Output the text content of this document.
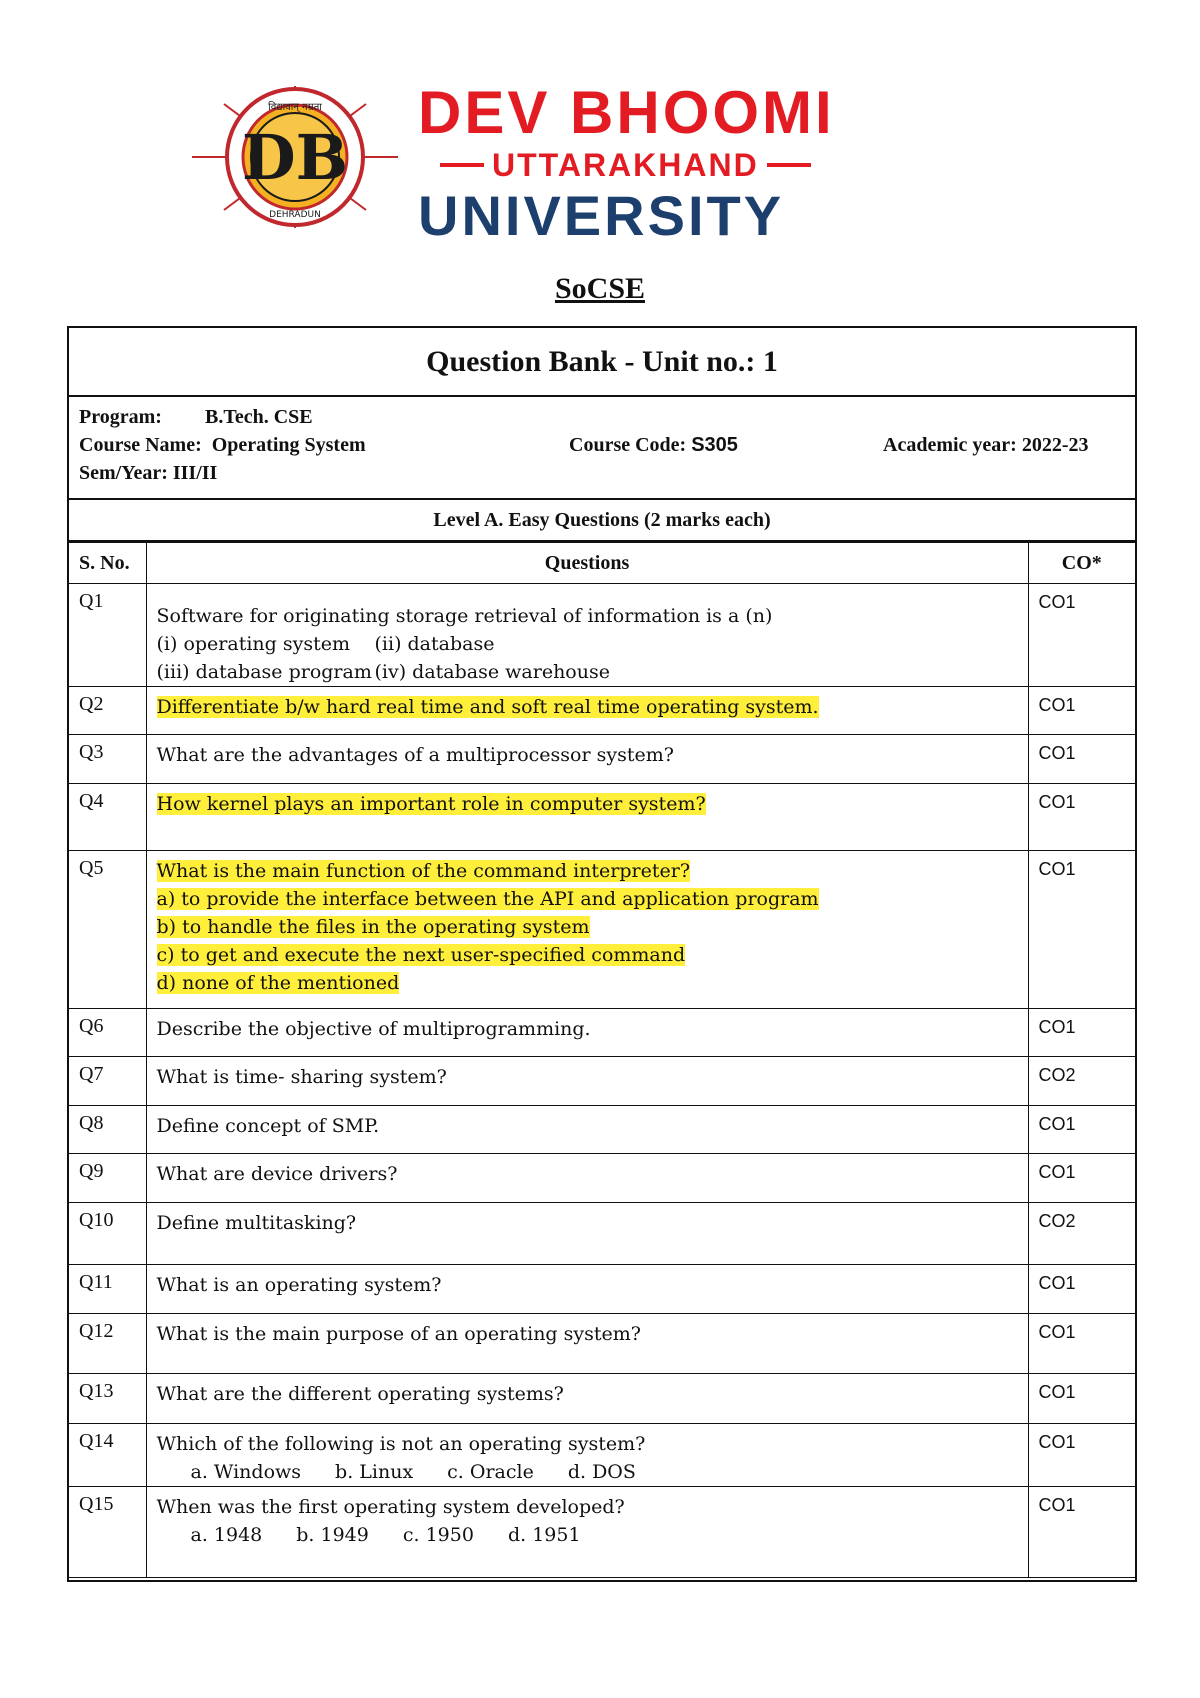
DB
विद्यावान् नम्रता
DEHRADUN
DEV BHOOMI
UTTARAKHAND
UNIVERSITY
SoCSE
Question Bank - Unit no.: 1
Program: B.Tech. CSE
Course Name: Operating System	Course Code: S305	Academic year: 2022-23
Sem/Year: III/II
Level A. Easy Questions (2 marks each)
S. No.	Questions	CO*
Q1	Software for originating storage retrieval of information is a (n)
(i) operating system (ii) database
(iii) database program (iv) database warehouse	CO1
Q2	Differentiate b/w hard real time and soft real time operating system.	CO1
Q3	What are the advantages of a multiprocessor system?	CO1
Q4	How kernel plays an important role in computer system?	CO1
Q5	What is the main function of the command interpreter?
a) to provide the interface between the API and application program
b) to handle the files in the operating system
c) to get and execute the next user-specified command
d) none of the mentioned	CO1
Q6	Describe the objective of multiprogramming.	CO1
Q7	What is time- sharing system?	CO2
Q8	Define concept of SMP.	CO1
Q9	What are device drivers?	CO1
Q10	Define multitasking?	CO2
Q11	What is an operating system?	CO1
Q12	What is the main purpose of an operating system?	CO1
Q13	What are the different operating systems?	CO1
Q14	Which of the following is not an operating system?
a. Windows b. Linux c. Oracle d. DOS	CO1
Q15	When was the first operating system developed?
a. 1948 b. 1949 c. 1950 d. 1951	CO1
